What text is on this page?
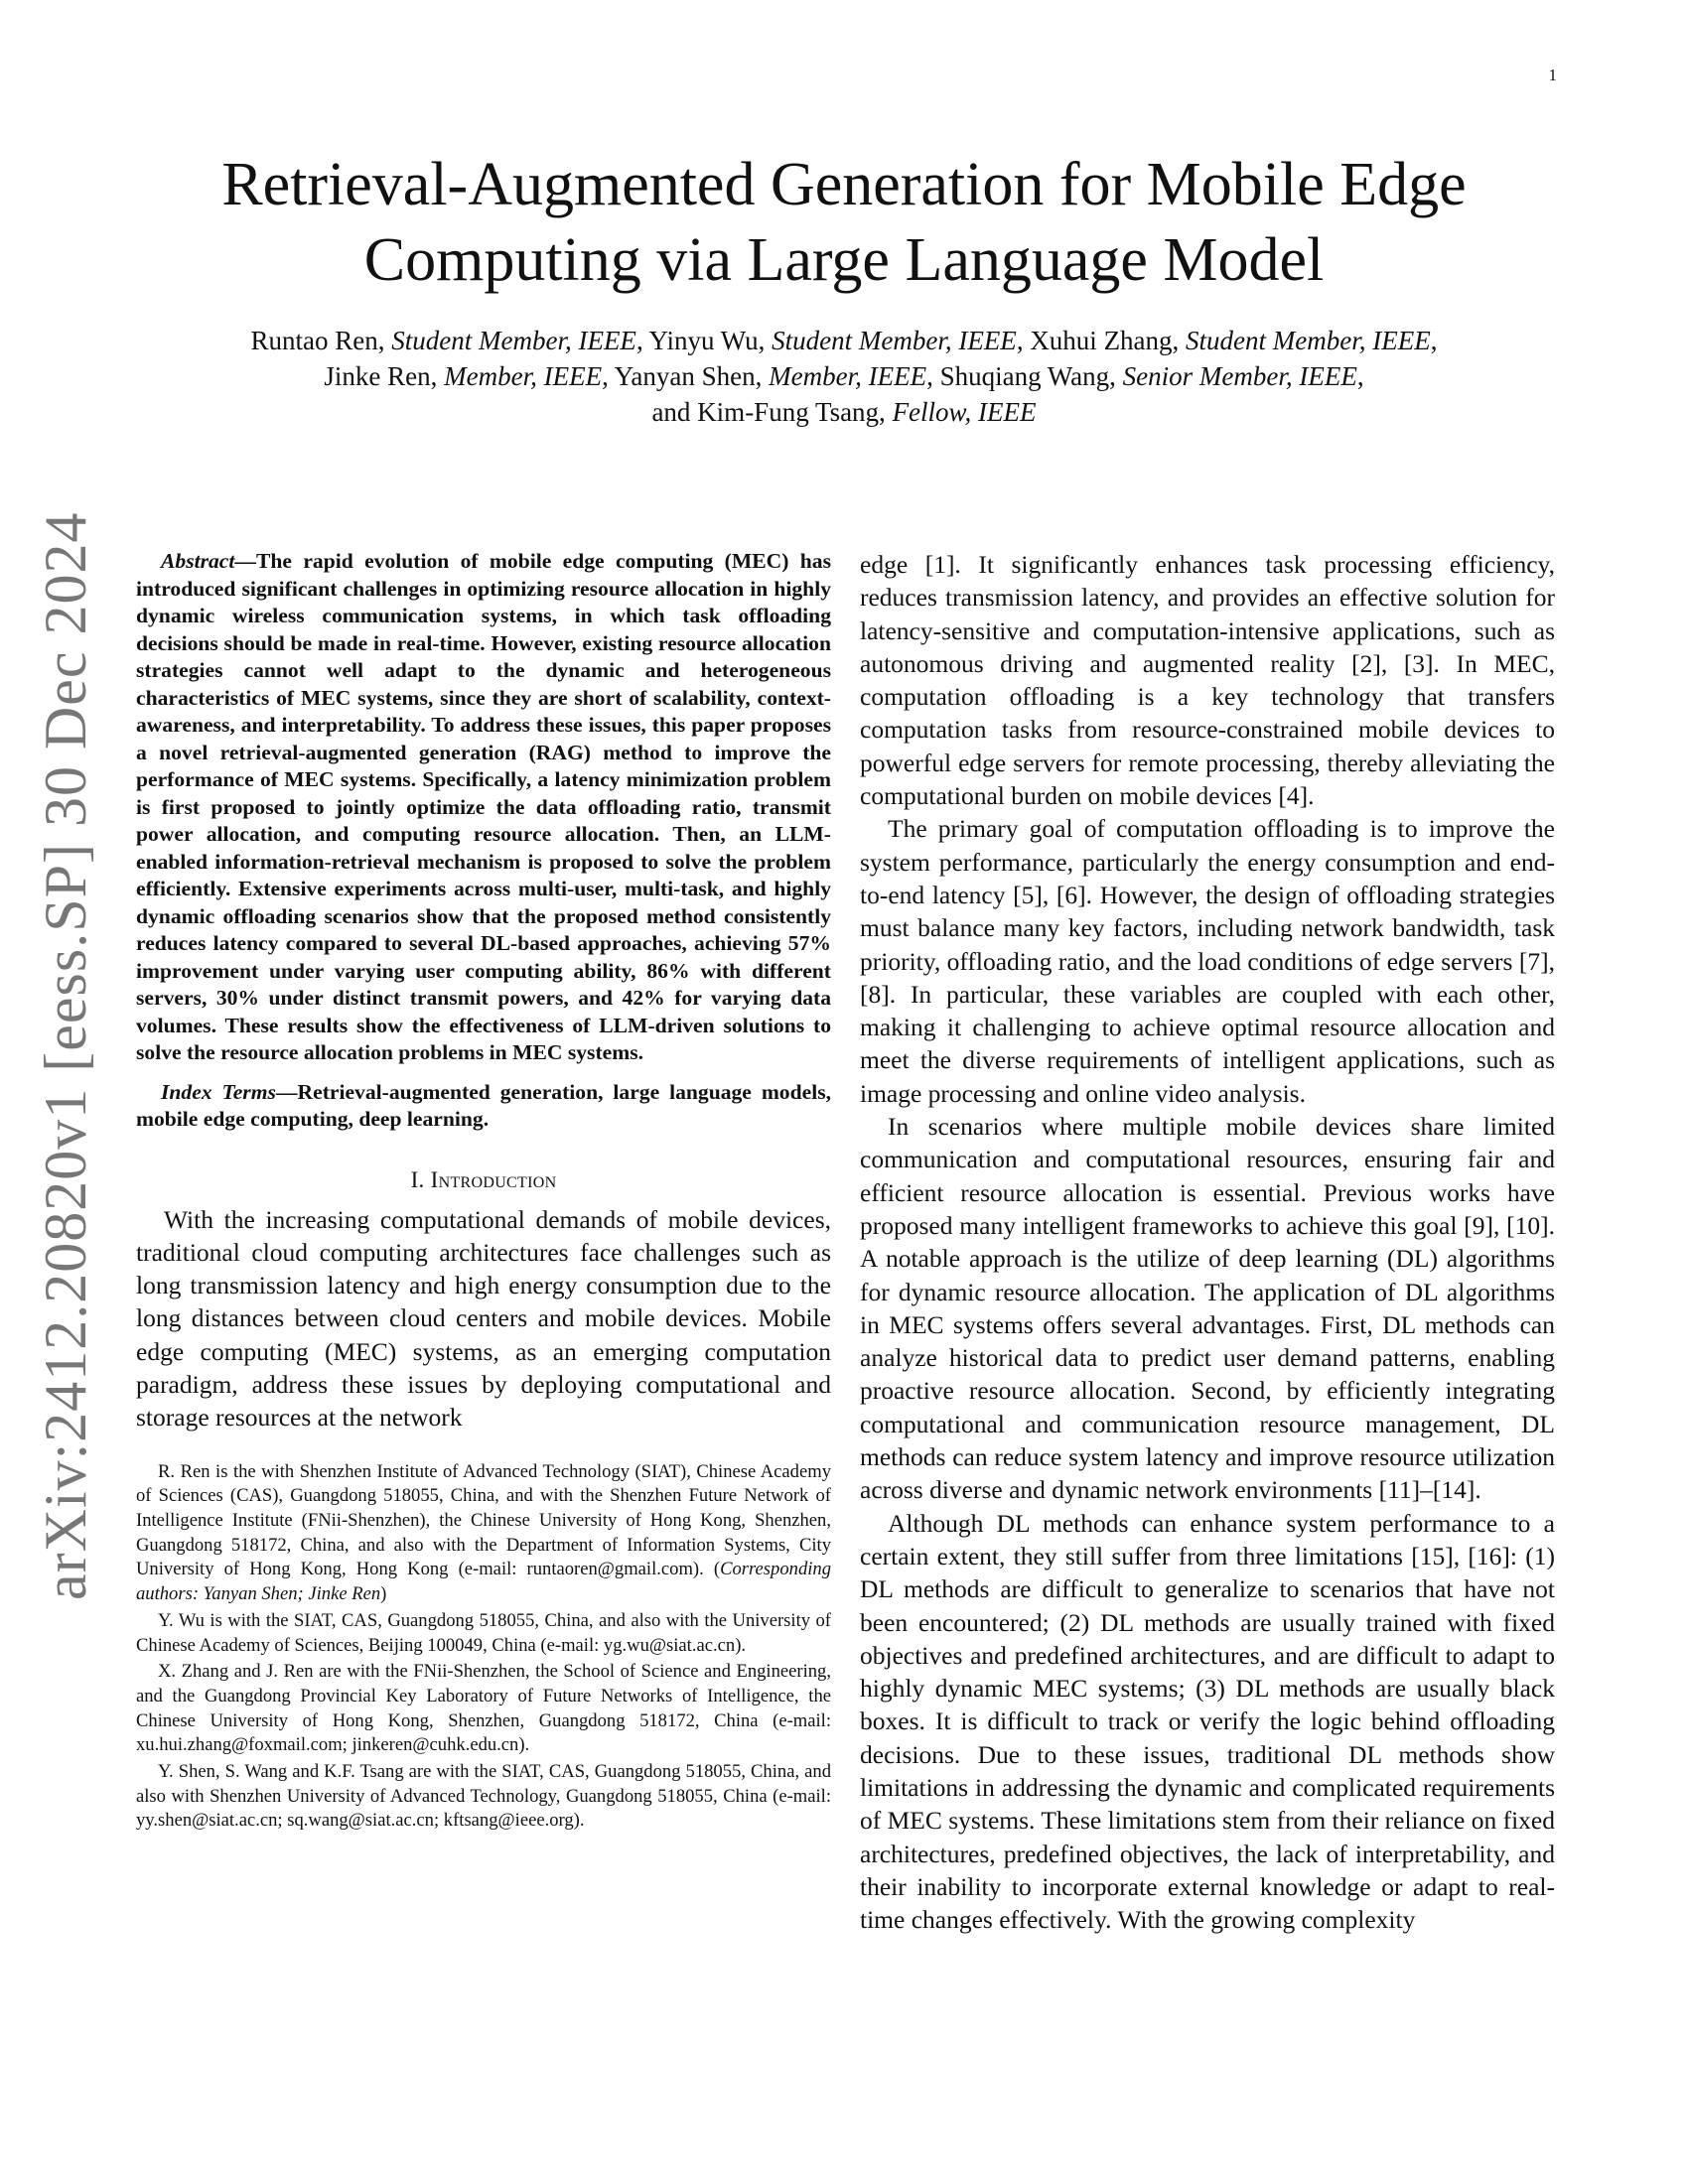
1
arXiv:2412.20820v1 [eess.SP] 30 Dec 2024
Retrieval-Augmented Generation for Mobile Edge
Computing via Large Language Model
Runtao Ren, Student Member, IEEE, Yinyu Wu, Student Member, IEEE, Xuhui Zhang, Student Member, IEEE,
Jinke Ren, Member, IEEE, Yanyan Shen, Member, IEEE, Shuqiang Wang, Senior Member, IEEE,
and Kim-Fung Tsang, Fellow, IEEE

Abstract—The rapid evolution of mobile edge computing (MEC) has introduced significant challenges in optimizing resource allocation in highly dynamic wireless communication systems, in which task offloading decisions should be made in real-time. However, existing resource allocation strategies cannot well adapt to the dynamic and heterogeneous characteristics of MEC systems, since they are short of scalability, context-awareness, and interpretability. To address these issues, this paper proposes a novel retrieval-augmented generation (RAG) method to improve the performance of MEC systems. Specifically, a latency minimization problem is first proposed to jointly optimize the data offloading ratio, transmit power allocation, and computing resource allocation. Then, an LLM-enabled information-retrieval mechanism is proposed to solve the problem efficiently. Extensive experiments across multi-user, multi-task, and highly dynamic offloading scenarios show that the proposed method consistently reduces latency compared to several DL-based approaches, achieving 57% improvement under varying user computing ability, 86% with different servers, 30% under distinct transmit powers, and 42% for varying data volumes. These results show the effectiveness of LLM-driven solutions to solve the resource allocation problems in MEC systems.

Index Terms—Retrieval-augmented generation, large language models, mobile edge computing, deep learning.

I. Introduction

With the increasing computational demands of mobile devices, traditional cloud computing architectures face challenges such as long transmission latency and high energy consumption due to the long distances between cloud centers and mobile devices. Mobile edge computing (MEC) systems, as an emerging computation paradigm, address these issues by deploying computational and storage resources at the network

R. Ren is the with Shenzhen Institute of Advanced Technology (SIAT), Chinese Academy of Sciences (CAS), Guangdong 518055, China, and with the Shenzhen Future Network of Intelligence Institute (FNii-Shenzhen), the Chinese University of Hong Kong, Shenzhen, Guangdong 518172, China, and also with the Department of Information Systems, City University of Hong Kong, Hong Kong (e-mail: runtaoren@gmail.com). (Corresponding authors: Yanyan Shen; Jinke Ren)

Y. Wu is with the SIAT, CAS, Guangdong 518055, China, and also with the University of Chinese Academy of Sciences, Beijing 100049, China (e-mail: yg.wu@siat.ac.cn).

X. Zhang and J. Ren are with the FNii-Shenzhen, the School of Science and Engineering, and the Guangdong Provincial Key Laboratory of Future Networks of Intelligence, the Chinese University of Hong Kong, Shenzhen, Guangdong 518172, China (e-mail: xu.hui.zhang@foxmail.com; jinkeren@cuhk.edu.cn).

Y. Shen, S. Wang and K.F. Tsang are with the SIAT, CAS, Guangdong 518055, China, and also with Shenzhen University of Advanced Technology, Guangdong 518055, China (e-mail: yy.shen@siat.ac.cn; sq.wang@siat.ac.cn; kftsang@ieee.org).

edge [1]. It significantly enhances task processing efficiency, reduces transmission latency, and provides an effective solution for latency-sensitive and computation-intensive applications, such as autonomous driving and augmented reality [2], [3]. In MEC, computation offloading is a key technology that transfers computation tasks from resource-constrained mobile devices to powerful edge servers for remote processing, thereby alleviating the computational burden on mobile devices [4].

The primary goal of computation offloading is to improve the system performance, particularly the energy consumption and end-to-end latency [5], [6]. However, the design of offloading strategies must balance many key factors, including network bandwidth, task priority, offloading ratio, and the load conditions of edge servers [7], [8]. In particular, these variables are coupled with each other, making it challenging to achieve optimal resource allocation and meet the diverse requirements of intelligent applications, such as image processing and online video analysis.

In scenarios where multiple mobile devices share limited communication and computational resources, ensuring fair and efficient resource allocation is essential. Previous works have proposed many intelligent frameworks to achieve this goal [9], [10]. A notable approach is the utilize of deep learning (DL) algorithms for dynamic resource allocation. The application of DL algorithms in MEC systems offers several advantages. First, DL methods can analyze historical data to predict user demand patterns, enabling proactive resource allocation. Second, by efficiently integrating computational and communication resource management, DL methods can reduce system latency and improve resource utilization across diverse and dynamic network environments [11]–[14].

Although DL methods can enhance system performance to a certain extent, they still suffer from three limitations [15], [16]: (1) DL methods are difficult to generalize to scenarios that have not been encountered; (2) DL methods are usually trained with fixed objectives and predefined architectures, and are difficult to adapt to highly dynamic MEC systems; (3) DL methods are usually black boxes. It is difficult to track or verify the logic behind offloading decisions. Due to these issues, traditional DL methods show limitations in addressing the dynamic and complicated requirements of MEC systems. These limitations stem from their reliance on fixed architectures, predefined objectives, the lack of interpretability, and their inability to incorporate external knowledge or adapt to real-time changes effectively. With the growing complexity
